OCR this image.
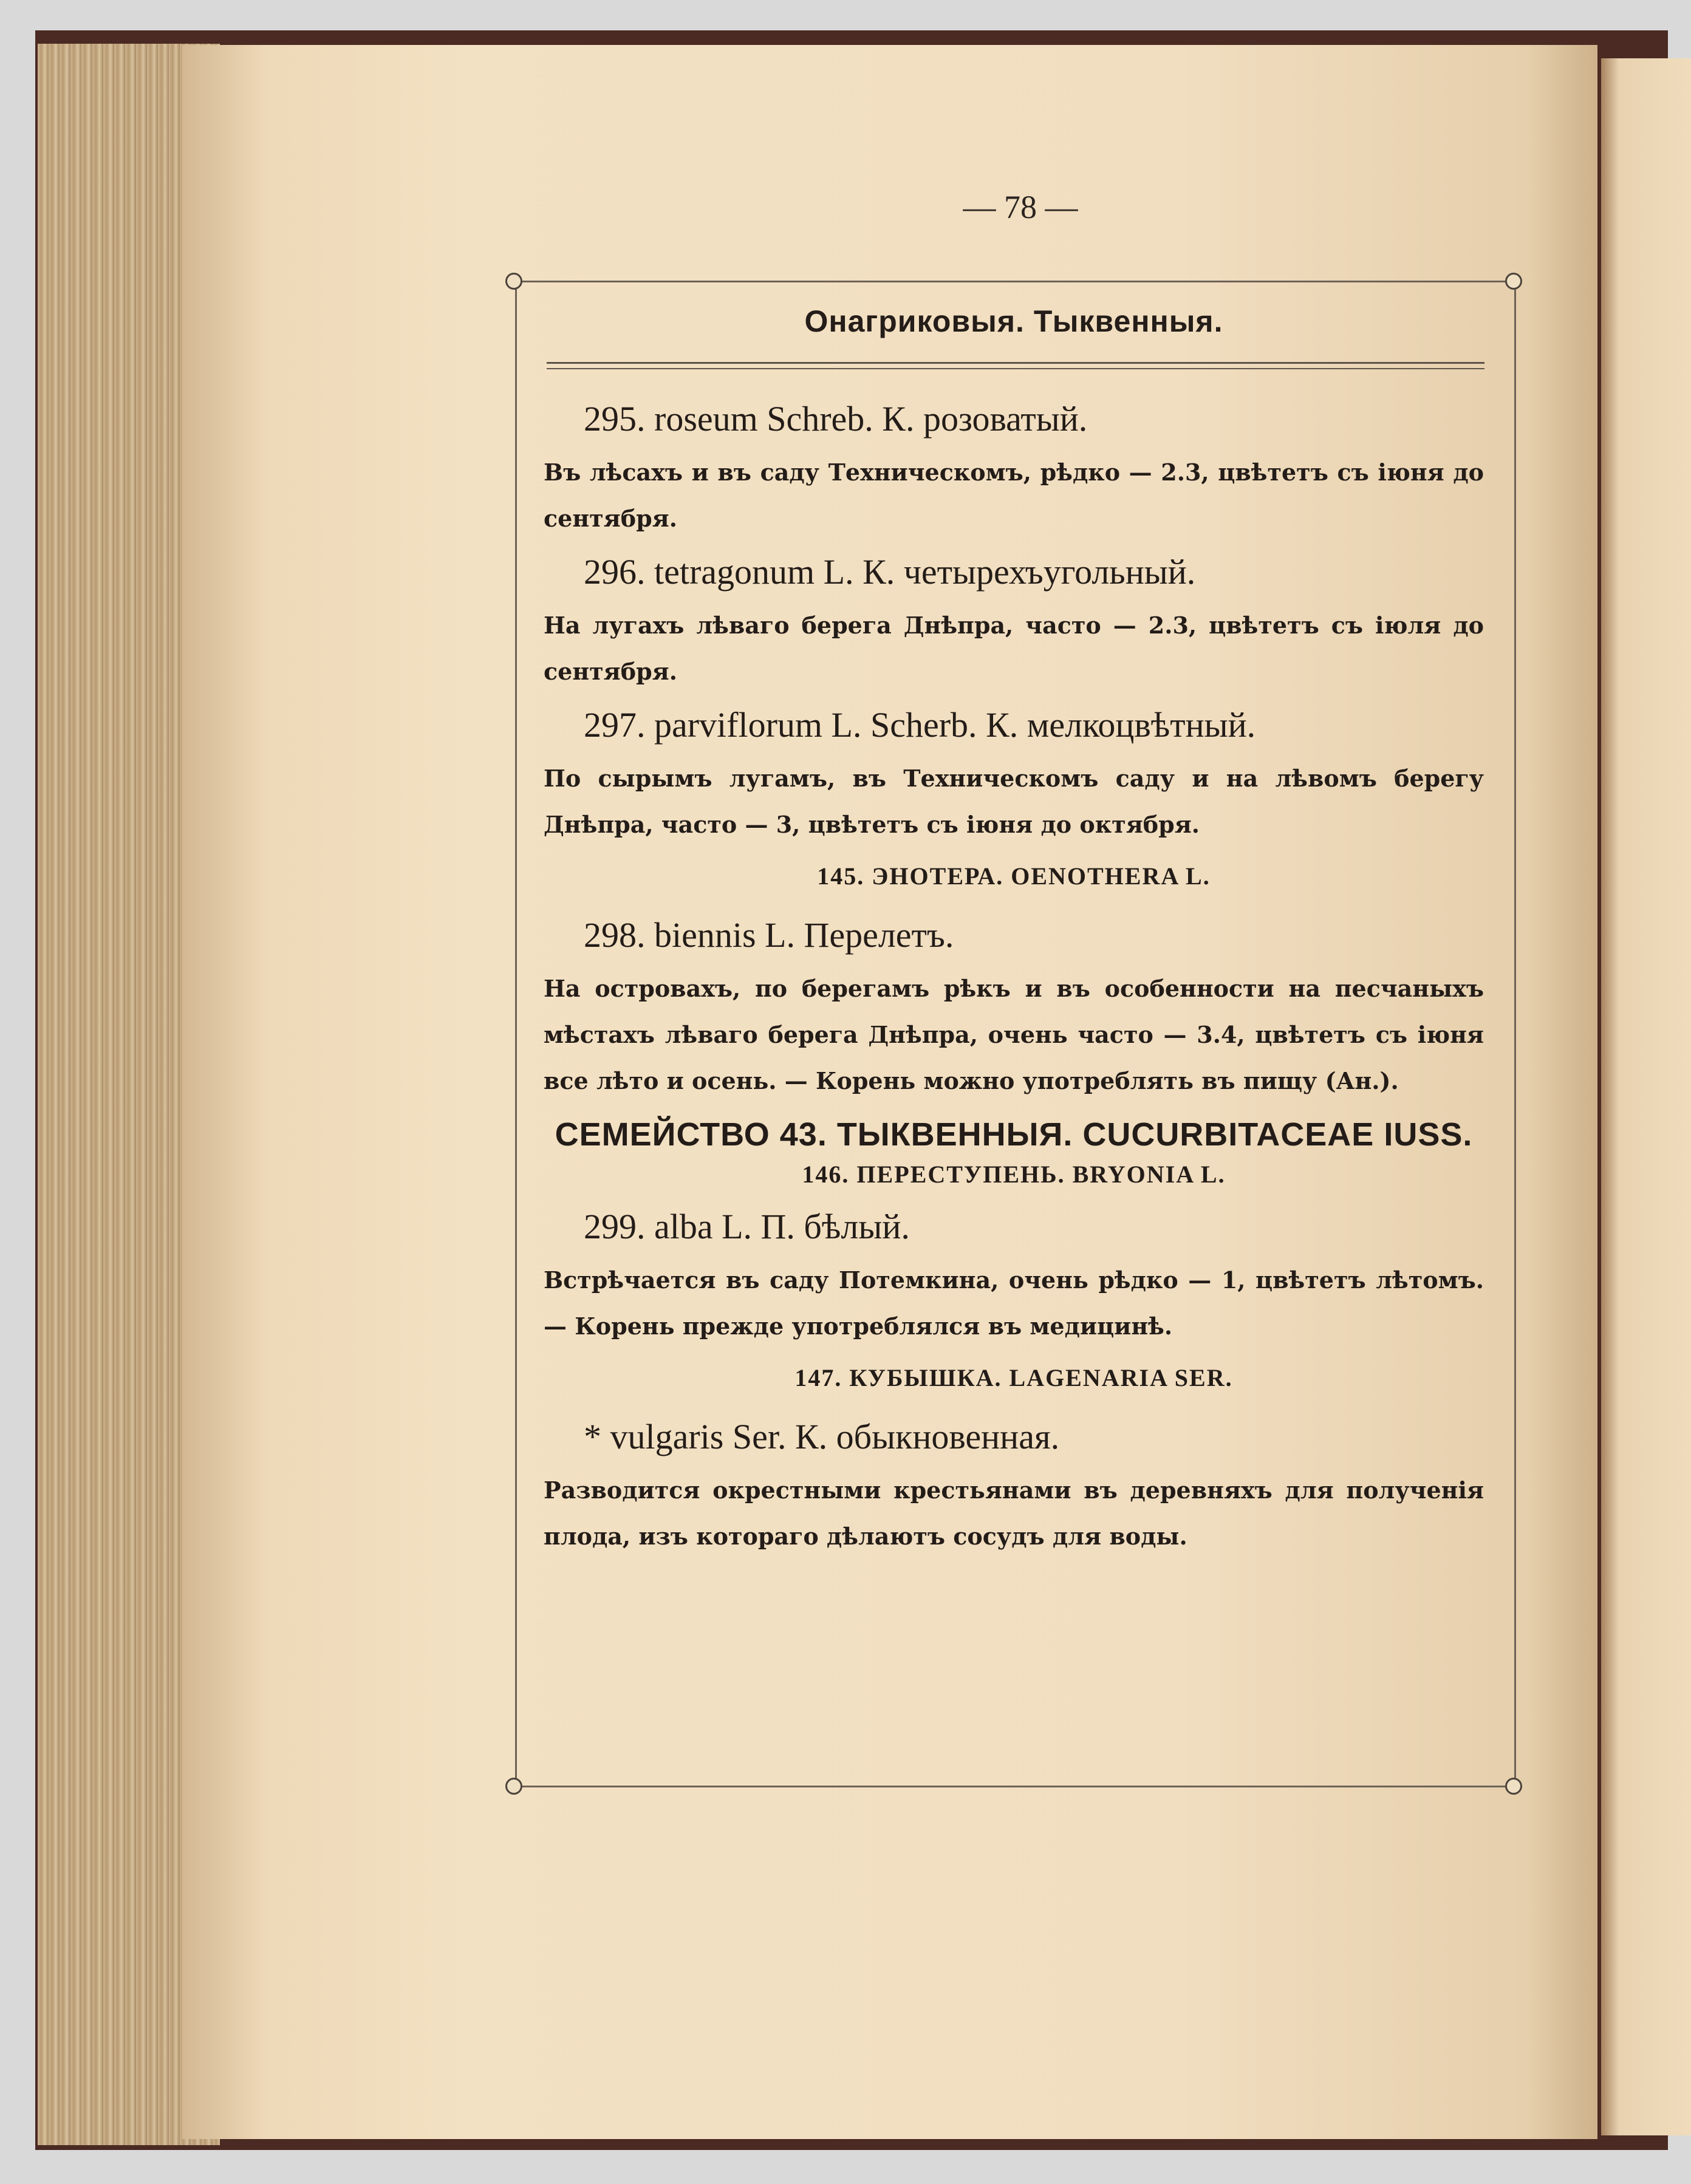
— 78 —
Онагриковыя. Тыквенныя.

295. roseum Schreb. К. розоватый.

Въ лѣсахъ и въ саду Техническомъ, рѣдко — 2.3, цвѣтетъ съ іюня до сентября.

296. tetragonum L. К. четырехъугольный.

На лугахъ лѣваго берега Днѣпра, часто — 2.3, цвѣтетъ съ іюля до сентября.

297. parviflorum L. Scherb. К. мелкоцвѣтный.

По сырымъ лугамъ, въ Техническомъ саду и на лѣвомъ берегу Днѣпра, часто — 3, цвѣтетъ съ іюня до октября.

145. ЭНОТЕРА. OENOTHERA L.

298. biennis L. Перелетъ.

На островахъ, по берегамъ рѣкъ и въ особенности на песчаныхъ мѣстахъ лѣваго берега Днѣпра, очень часто — 3.4, цвѣтетъ съ іюня все лѣто и осень. — Корень можно употреблять въ пищу (Ан.).

СЕМЕЙСТВО 43. ТЫКВЕННЫЯ. CUCURBITACEAE IUSS.

146. ПЕРЕСТУПЕНЬ. BRYONIA L.

299. alba L. П. бѣлый.

Встрѣчается въ саду Потемкина, очень рѣдко — 1, цвѣтетъ лѣтомъ. — Корень прежде употреблялся въ медицинѣ.

147. КУБЫШКА. LAGENARIA SER.

* vulgaris Ser. К. обыкновенная.

Разводится окрестными крестьянами въ деревняхъ для полученія плода, изъ котораго дѣлаютъ сосудъ для воды.
